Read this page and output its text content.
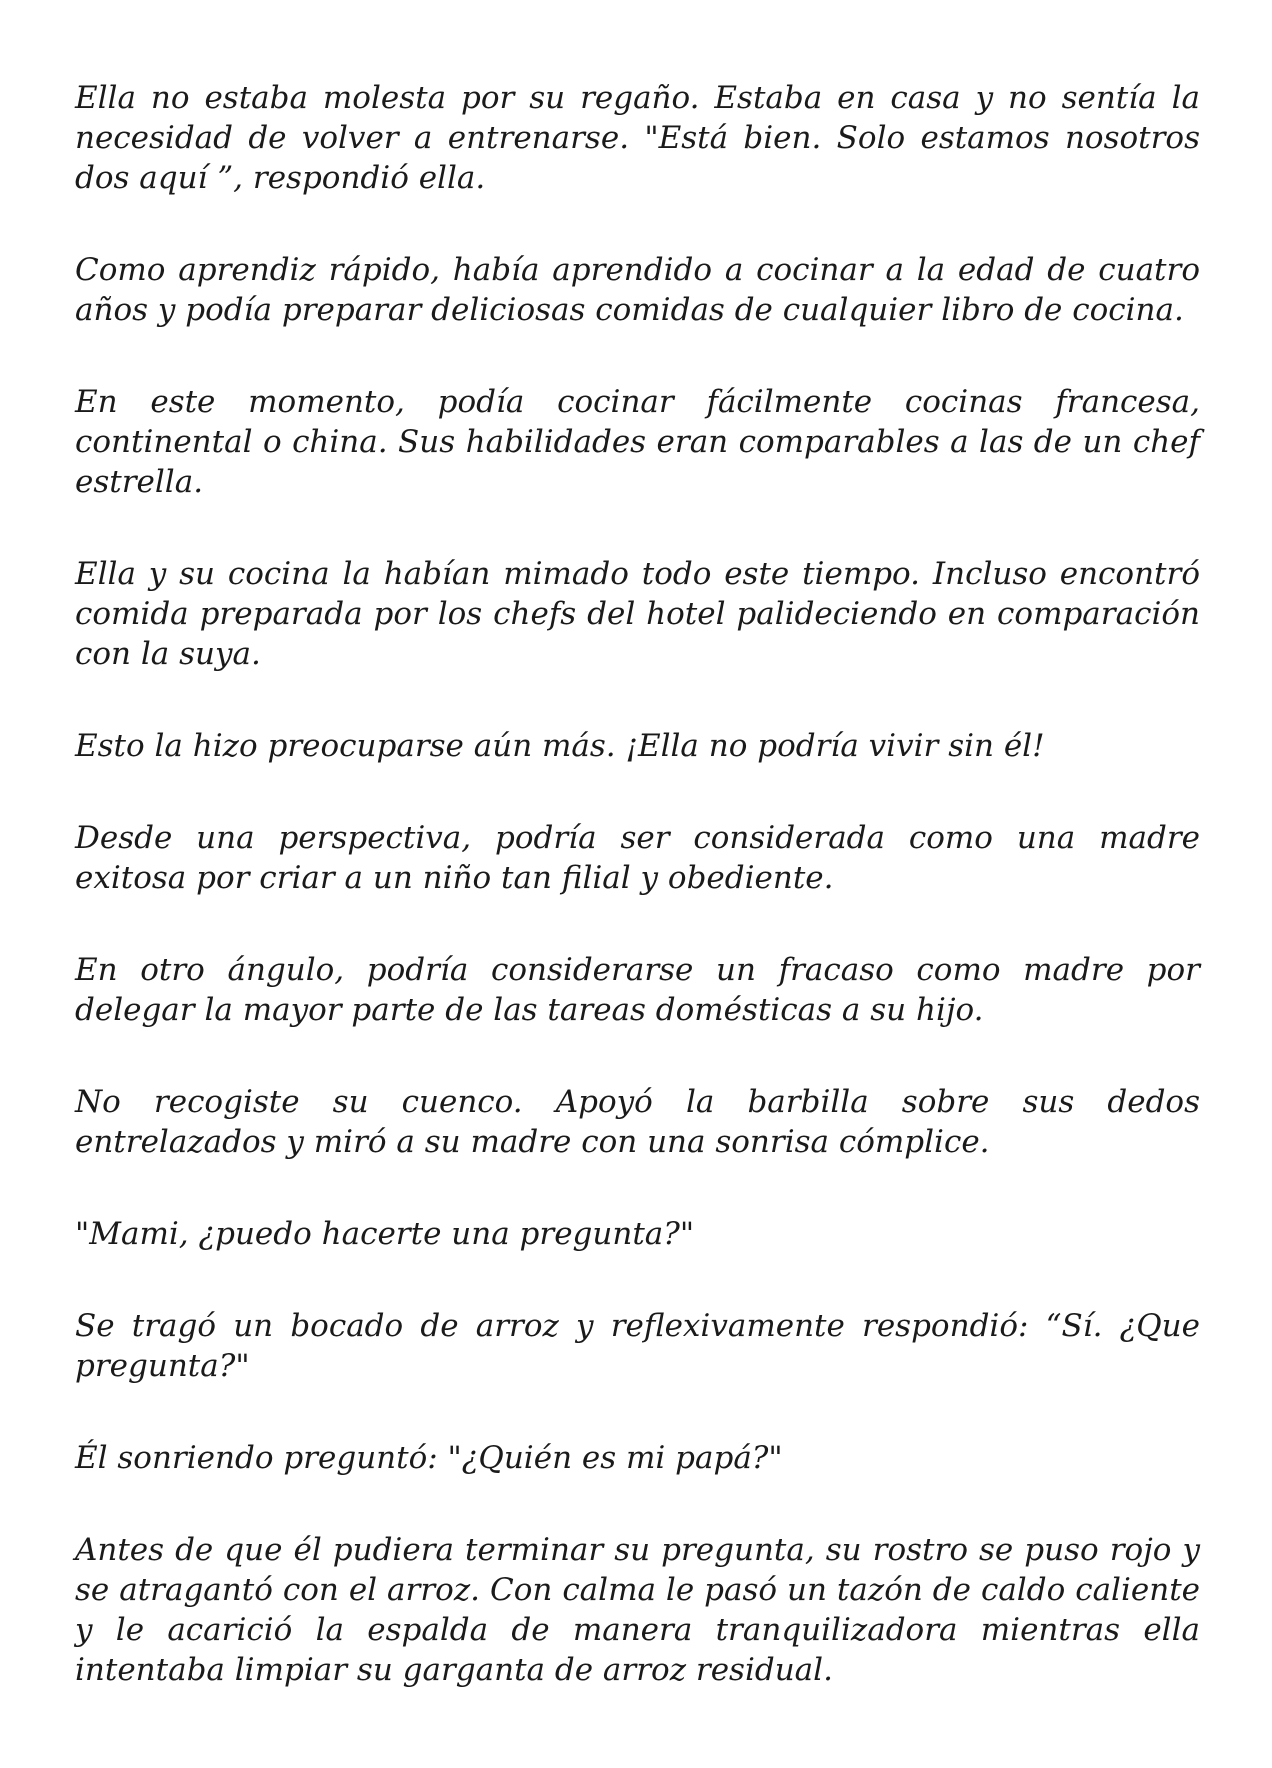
Ella no estaba molesta por su regaño. Estaba en casa y no sentía la necesidad de volver a entrenarse. "Está bien. Solo estamos nosotros dos aquí ”, respondió ella.

Como aprendiz rápido, había aprendido a cocinar a la edad de cuatro años y podía preparar deliciosas comidas de cualquier libro de cocina.

En este momento, podía cocinar fácilmente cocinas francesa, continental o china. Sus habilidades eran comparables a las de un chef estrella.

Ella y su cocina la habían mimado todo este tiempo. Incluso encontró comida preparada por los chefs del hotel palideciendo en comparación con la suya.

Esto la hizo preocuparse aún más. ¡Ella no podría vivir sin él!

Desde una perspectiva, podría ser considerada como una madre exitosa por criar a un niño tan filial y obediente.

En otro ángulo, podría considerarse un fracaso como madre por delegar la mayor parte de las tareas domésticas a su hijo.

No recogiste su cuenco. Apoyó la barbilla sobre sus dedos entrelazados y miró a su madre con una sonrisa cómplice.

"Mami, ¿puedo hacerte una pregunta?"

Se tragó un bocado de arroz y reflexivamente respondió: “Sí. ¿Que pregunta?"

Él sonriendo preguntó: "¿Quién es mi papá?"

Antes de que él pudiera terminar su pregunta, su rostro se puso rojo y se atragantó con el arroz. Con calma le pasó un tazón de caldo caliente y le acarició la espalda de manera tranquilizadora mientras ella intentaba limpiar su garganta de arroz residual.
